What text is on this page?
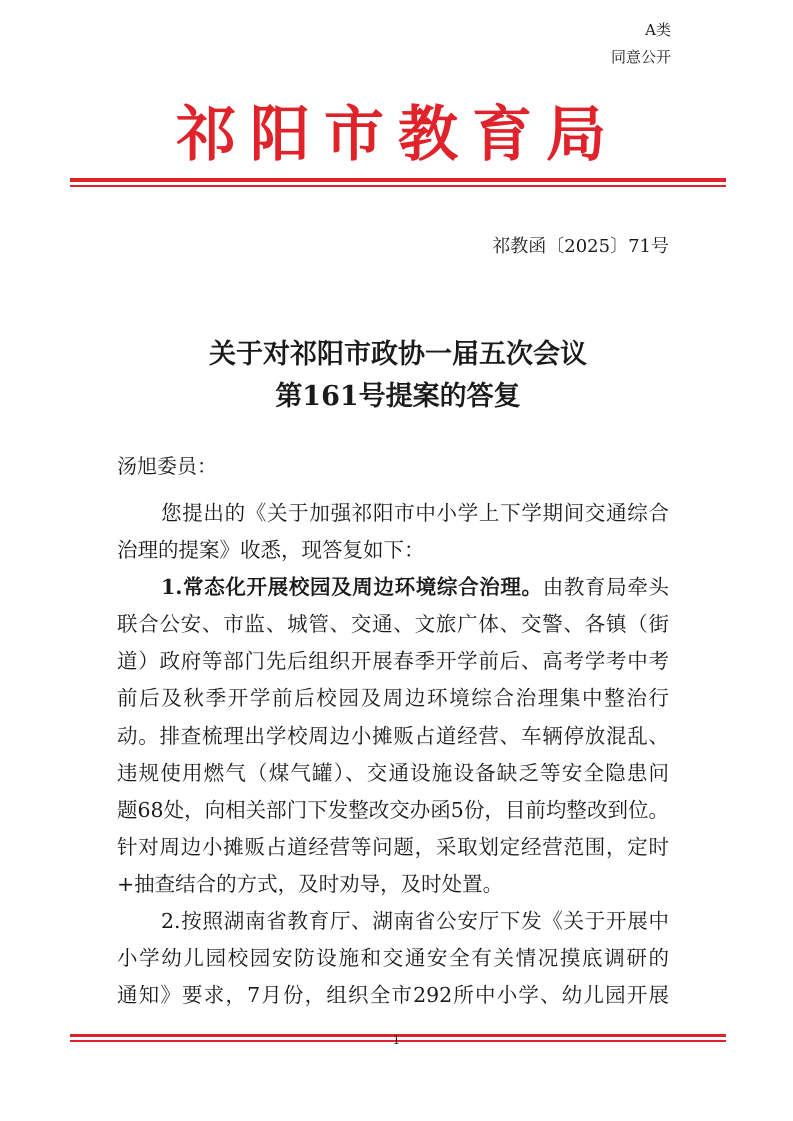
A类
同意公开
祁阳市教育局
祁教函〔2025〕71号
关于对祁阳市政协一届五次会议
第161号提案的答复
汤旭委员：
您提出的《关于加强祁阳市中小学上下学期间交通综合
治理的提案》收悉，现答复如下：
1.常态化开展校园及周边环境综合治理。由教育局牵头
联合公安、市监、城管、交通、文旅广体、交警、各镇（街
道）政府等部门先后组织开展春季开学前后、高考学考中考
前后及秋季开学前后校园及周边环境综合治理集中整治行
动。排查梳理出学校周边小摊贩占道经营、车辆停放混乱、
违规使用燃气（煤气罐）、交通设施设备缺乏等安全隐患问
题68处，向相关部门下发整改交办函5份，目前均整改到位。
针对周边小摊贩占道经营等问题，采取划定经营范围，定时
+抽查结合的方式，及时劝导，及时处置。
2.按照湖南省教育厅、湖南省公安厅下发《关于开展中
小学幼儿园校园安防设施和交通安全有关情况摸底调研的
通知》要求，7月份，组织全市292所中小学、幼儿园开展
1
